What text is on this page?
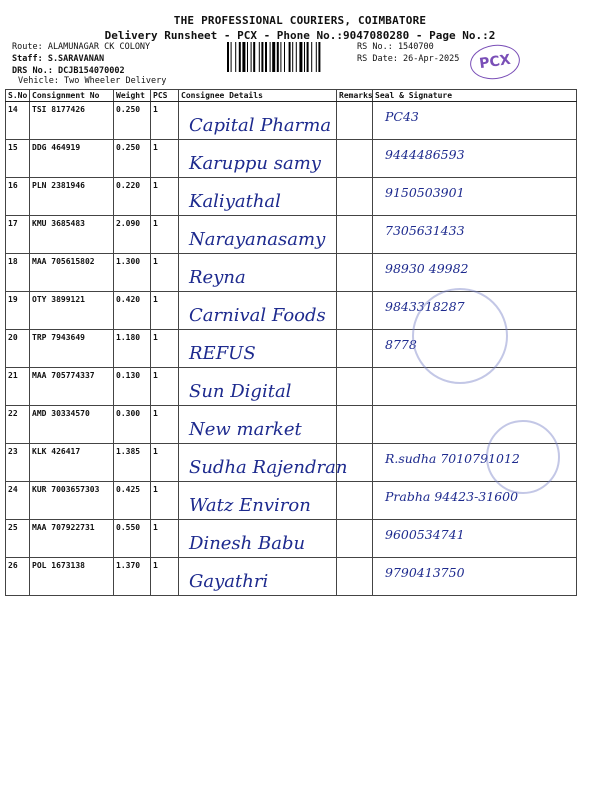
THE PROFESSIONAL COURIERS, COIMBATORE
Delivery Runsheet - PCX - Phone No.:9047080280 - Page No.:2
Route: ALAMUNAGAR CK COLONY
Staff: S.SARAVANAN
DRS No.: DCJB154070002
Vehicle: Two Wheeler Delivery
RS No.: 1540700
RS Date: 26-Apr-2025	PCX
S.No	Consignment No	Weight	PCS	Consignee Details	Remarks	Seal & Signature
14	TSI 8177426	0.250	1	Capital Pharma		PC43
15	DDG 464919	0.250	1	Karuppu samy		9444486593
16	PLN 2381946	0.220	1	Kaliyathal		9150503901
17	KMU 3685483	2.090	1	Narayanasamy		7305631433
18	MAA 705615802	1.300	1	Reyna		98930 49982
19	OTY 3899121	0.420	1	Carnival Foods		9843318287
20	TRP 7943649	1.180	1	REFUS		8778
21	MAA 705774337	0.130	1	Sun Digital		
22	AMD 30334570	0.300	1	New market		
23	KLK 426417	1.385	1	Sudha Rajendran		R.sudha 7010791012
24	KUR 7003657303	0.425	1	Watz Environ		Prabha 94423-31600
25	MAA 707922731	0.550	1	Dinesh Babu		9600534741
26	POL 1673138	1.370	1	Gayathri		9790413750
